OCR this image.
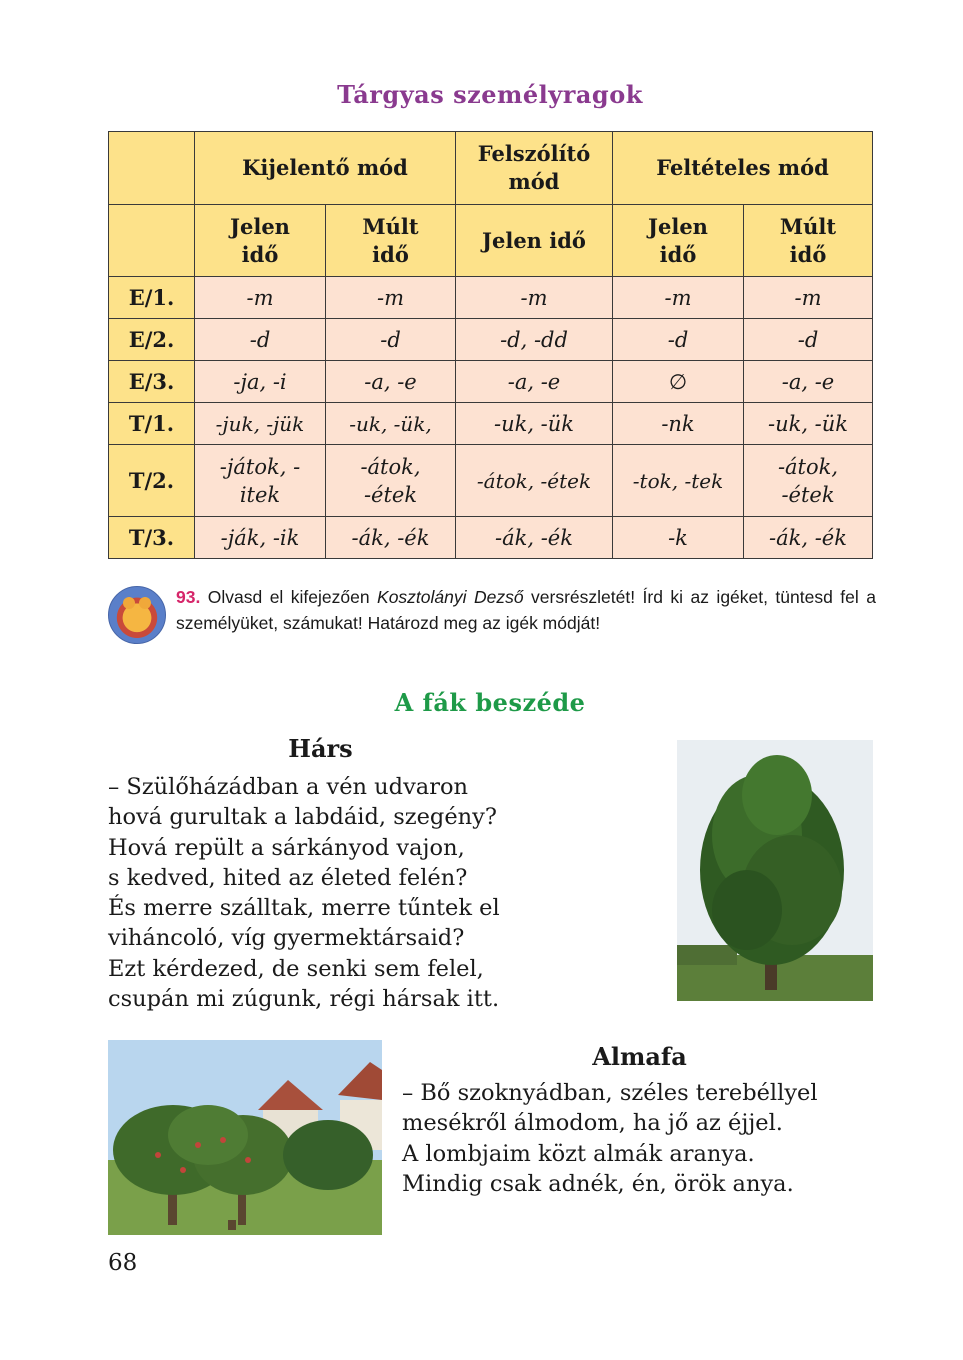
Tárgyas személyragok
	Kijelentő mód		Felszólító mód	Feltételes mód	
	Jelen idő	Múlt idő	Jelen idő	Jelen idő	Múlt idő
E/1.	-m	-m	-m	-m	-m
E/2.	-d	-d	-d, -dd	-d	-d
E/3.	-ja, -i	-a, -e	-a, -e	∅	-a, -e
T/1.	-juk, -jük	-uk, -ük,	-uk, -ük	-nk	-uk, -ük
T/2.	-játok, -itek	-átok, -étek	-átok, -étek	-tok, -tek	-átok, -étek
T/3.	-ják, -ik	-ák, -ék	-ák, -ék	-k	-ák, -ék
93. Olvasd el kifejezően Kosztolányi Dezső versrészletét! Írd ki az igéket, tüntesd fel a személyüket, számukat! Határozd meg az igék módját!
A fák beszéde
Hárs
– Szülőházádban a vén udvaron
hová gurultak a labdáid, szegény?
Hová repült a sárkányod vajon,
s kedved, hited az életed felén?
És merre szálltak, merre tűntek el
viháncoló, víg gyermektársaid?
Ezt kérdezed, de senki sem felel,
csupán mi zúgunk, régi hársak itt.
Almafa
– Bő szoknyádban, széles terebéllyel
mesékről álmodom, ha jő az éjjel.
A lombjaim közt almák aranya.
Mindig csak adnék, én, örök anya.
68
